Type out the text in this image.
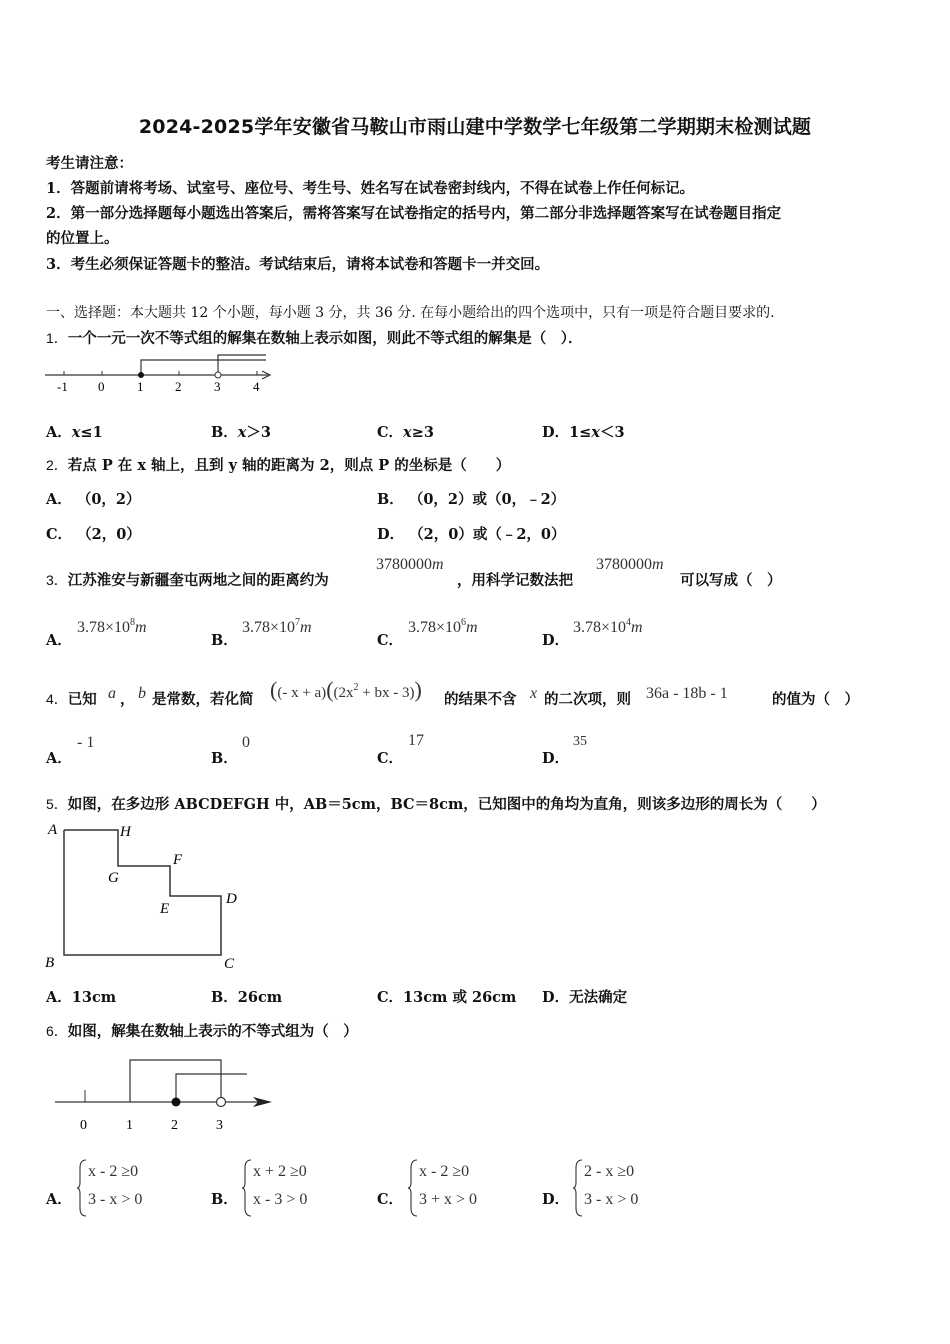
2024-2025学年安徽省马鞍山市雨山建中学数学七年级第二学期期末检测试题
考生请注意：
1．答题前请将考场、试室号、座位号、考生号、姓名写在试卷密封线内，不得在试卷上作任何标记。
2．第一部分选择题每小题选出答案后，需将答案写在试卷指定的括号内，第二部分非选择题答案写在试卷题目指定
的位置上。
3．考生必须保证答题卡的整洁。考试结束后，请将本试卷和答题卡一并交回。
一、选择题：本大题共 12 个小题，每小题 3 分，共 36 分. 在每小题给出的四个选项中，只有一项是符合题目要求的.
1．一个一元一次不等式组的解集在数轴上表示如图，则此不等式组的解集是（　）．
-1 0	1 2	3	4
A．x≤1	B．x＞3	C．x≥3	D．1≤x＜3
2．若点 P 在 x 轴上，且到 y 轴的距离为 2，则点 P 的坐标是（　　）
A． （0，2）	B． （0，2）或（0，﹣2）
C． （2，0）	D． （2，0）或（﹣2，0）
3．江苏淮安与新疆奎屯两地之间的距离约为
3780000m
，用科学记数法把
3780000m
可以写成（　）
A．
$3.78\times 10^8m$
B．
$3.78\times 10^7m$
C．
$3.78\times 10^6m$
D．
$3.78\times 10^4m$
4．已知 a ， b 是常数，若化简 ((- $x + a)((2x^2$ + bx - 3)) 的结果不含 x 的二次项，则 36a - 18b - 1	的值为（　）
A．
- 1
B．
0
C．
17
D．
35
5．如图，在多边形 ABCDEFGH 中，AB＝5cm，BC＝8cm，已知图中的角均为直角，则该多边形的周长为（　　）
A	H
F
G
E
D
B	C
A．13cm	B．26cm	C．13cm 或 26cm D．无法确定
6．如图，解集在数轴上表示的不等式组为（　）
0	1	2	3
A．
x - 2 ≥0
3 - x > 0	B．
x + 2 ≥0
x - 3 > 0	C．
x - 2 ≥0
3 + x > 0	D．
2 - x ≥0
3 - x > 0
